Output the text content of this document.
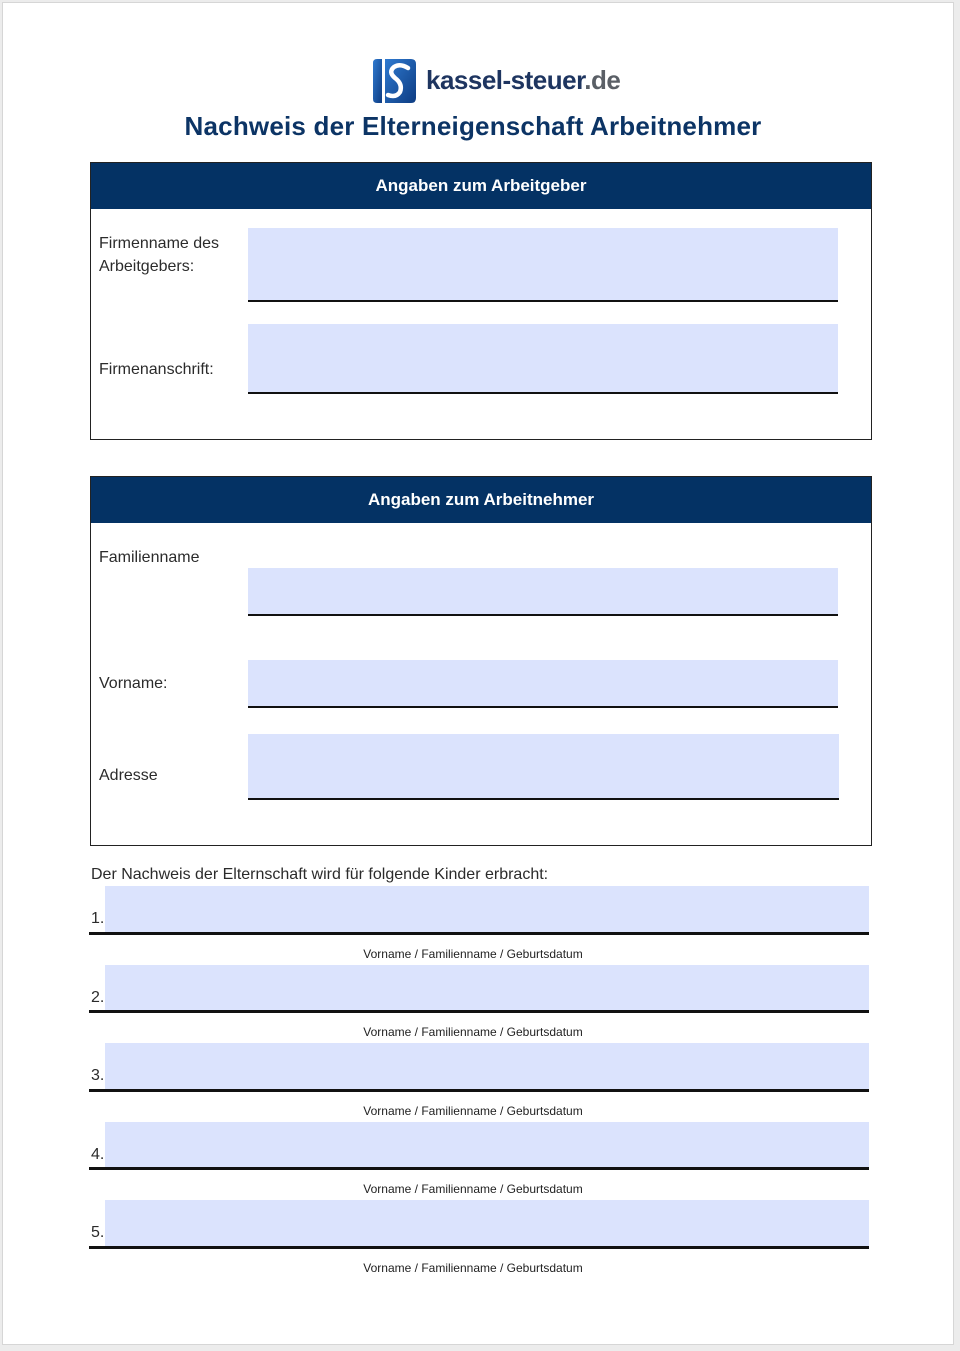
kassel-steuer.de
Nachweis der Elterneigenschaft Arbeitnehmer
Angaben zum Arbeitgeber
Firmenname des Arbeitgebers:
Firmenanschrift:
Angaben zum Arbeitnehmer
Familienname
Vorname:
Adresse
Der Nachweis der Elternschaft wird für folgende Kinder erbracht:
1.
Vorname / Familienname / Geburtsdatum
2.
Vorname / Familienname / Geburtsdatum
3.
Vorname / Familienname / Geburtsdatum
4.
Vorname / Familienname / Geburtsdatum
5.
Vorname / Familienname / Geburtsdatum
